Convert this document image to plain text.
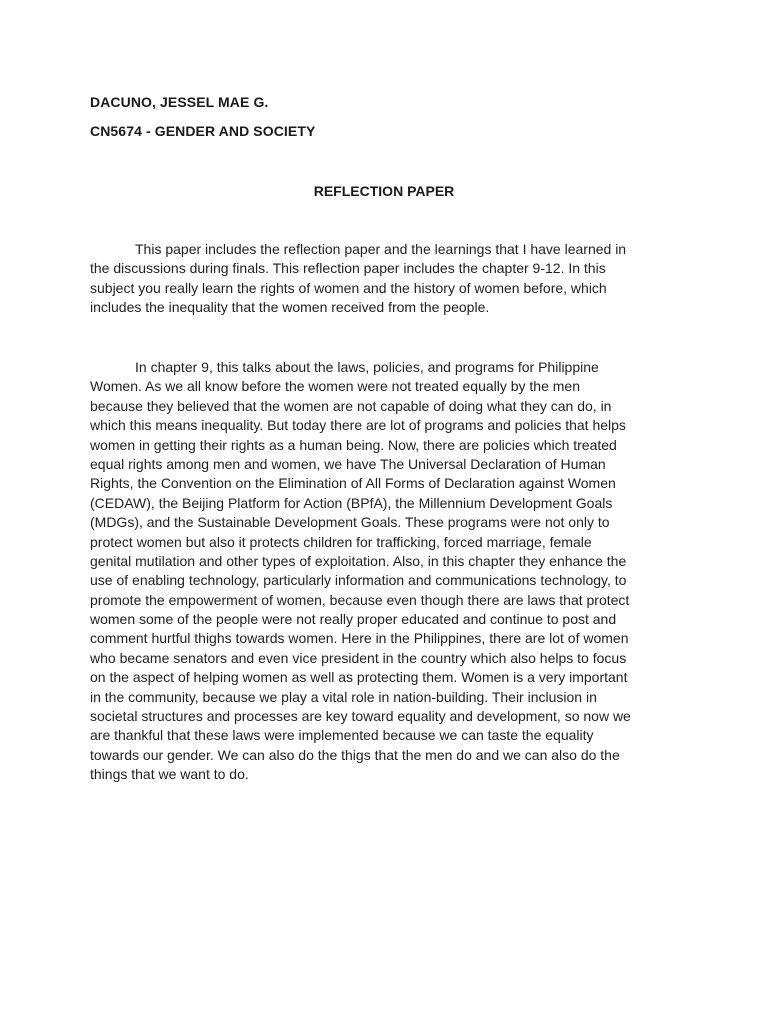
DACUNO, JESSEL MAE G.
CN5674 - GENDER AND SOCIETY
REFLECTION PAPER
This paper includes the reflection paper and the learnings that I have learned in
the discussions during finals. This reflection paper includes the chapter 9-12. In this
subject you really learn the rights of women and the history of women before, which
includes the inequality that the women received from the people.
In chapter 9, this talks about the laws, policies, and programs for Philippine
Women. As we all know before the women were not treated equally by the men
because they believed that the women are not capable of doing what they can do, in
which this means inequality. But today there are lot of programs and policies that helps
women in getting their rights as a human being. Now, there are policies which treated
equal rights among men and women, we have The Universal Declaration of Human
Rights, the Convention on the Elimination of All Forms of Declaration against Women
(CEDAW), the Beijing Platform for Action (BPfA), the Millennium Development Goals
(MDGs), and the Sustainable Development Goals. These programs were not only to
protect women but also it protects children for trafficking, forced marriage, female
genital mutilation and other types of exploitation. Also, in this chapter they enhance the
use of enabling technology, particularly information and communications technology, to
promote the empowerment of women, because even though there are laws that protect
women some of the people were not really proper educated and continue to post and
comment hurtful thighs towards women. Here in the Philippines, there are lot of women
who became senators and even vice president in the country which also helps to focus
on the aspect of helping women as well as protecting them. Women is a very important
in the community, because we play a vital role in nation-building. Their inclusion in
societal structures and processes are key toward equality and development, so now we
are thankful that these laws were implemented because we can taste the equality
towards our gender. We can also do the thigs that the men do and we can also do the
things that we want to do.
